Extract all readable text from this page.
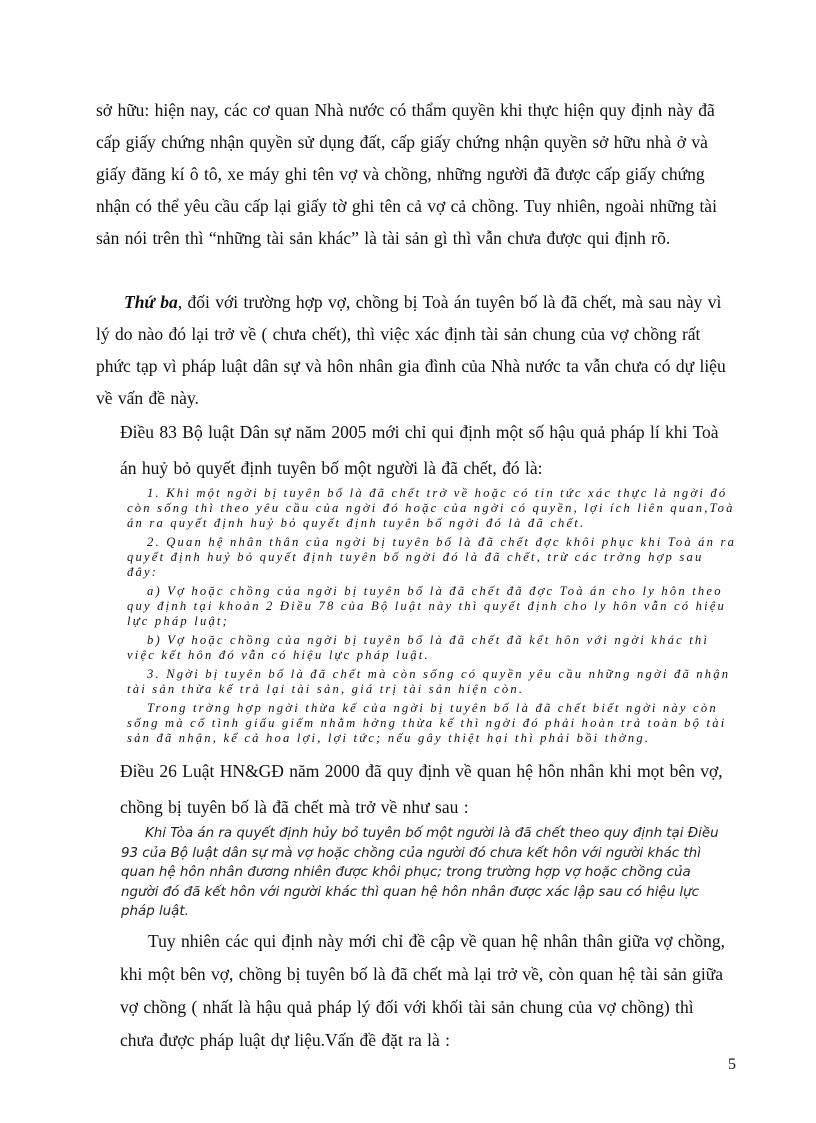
sở hữu: hiện nay, các cơ quan Nhà nước có thẩm quyền khi thực hiện quy định này đã cấp giấy chứng nhận quyền sử dụng đất, cấp giấy chứng nhận quyền sở hữu nhà ở và giấy đăng kí ô tô, xe máy ghi tên vợ và chồng, những người đã được cấp giấy chứng nhận có thể yêu cầu cấp lại giấy tờ ghi tên cả vợ cả chồng. Tuy nhiên, ngoài những tài sản nói trên thì “những tài sản khác” là tài sản gì thì vẫn chưa được qui định rõ.

Thứ ba, đối với trường hợp vợ, chồng bị Toà án tuyên bố là đã chết, mà sau này vì lý do nào đó lại trở về ( chưa chết), thì việc xác định tài sản chung của vợ chồng rất phức tạp vì pháp luật dân sự và hôn nhân gia đình của Nhà nước ta vẫn chưa có dự liệu về vấn đề này.

Điều 83 Bộ luật Dân sự năm 2005 mới chỉ qui định một số hậu quả pháp lí khi Toà án huỷ bỏ quyết định tuyên bố một người là đã chết, đó là:

1. Khi một ngời bị tuyên bố là đã chết trở về hoặc có tin tức xác thực là ngời đó còn sống thì theo yêu cầu của ngời đó hoặc của ngời có quyền, lợi ích liên quan,Toà án ra quyết định huỷ bỏ quyết định tuyên bố ngời đó là đã chết.

2. Quan hệ nhân thân của ngời bị tuyên bố là đã chết đợc khôi phục khi Toà án ra quyết định huỷ bỏ quyết định tuyên bố ngời đó là đã chết, trừ các trờng hợp sau đây:

a) Vợ hoặc chồng của ngời bị tuyên bố là đã chết đã đợc Toà án cho ly hôn theo quy định tại khoản 2 Điều 78 của Bộ luật này thì quyết định cho ly hôn vẫn có hiệu lực pháp luật;

b) Vợ hoặc chồng của ngời bị tuyên bố là đã chết đã kết hôn với ngời khác thì việc kết hôn đó vẫn có hiệu lực pháp luật.

3. Ngời bị tuyên bố là đã chết mà còn sống có quyền yêu cầu những ngời đã nhận tài sản thừa kế trả lại tài sản, giá trị tài sản hiện còn.

Trong trờng hợp ngời thừa kế của ngời bị tuyên bố là đã chết biết ngời này còn sống mà cố tình giấu giếm nhằm hởng thừa kế thì ngời đó phải hoàn trả toàn bộ tài sản đã nhận, kể cả hoa lợi, lợi tức; nếu gây thiệt hại thì phải bồi thờng.

Điều 26 Luật HN&GĐ năm 2000 đã quy định về quan hệ hôn nhân khi mọt bên vợ, chồng bị tuyên bố là đã chết mà trở về như sau :

Khi Tòa án ra quyết định hủy bỏ tuyên bố một người là đã chết theo quy định tại Điều 93 của Bộ luật dân sự mà vợ hoặc chồng của người đó chưa kết hôn với người khác thì quan hệ hôn nhân đương nhiên được khôi phục; trong trường hợp vợ hoặc chồng của người đó đã kết hôn với người khác thì quan hệ hôn nhân được xác lập sau có hiệu lực pháp luật.

Tuy nhiên các qui định này mới chỉ đề cập về quan hệ nhân thân giữa vợ chồng, khi một bên vợ, chồng bị tuyên bố là đã chết mà lại trở về, còn quan hệ tài sản giữa vợ chồng ( nhất là hậu quả pháp lý đối với khối tài sản chung của vợ chồng) thì chưa được pháp luật dự liệu.Vấn đề đặt ra là :

5
